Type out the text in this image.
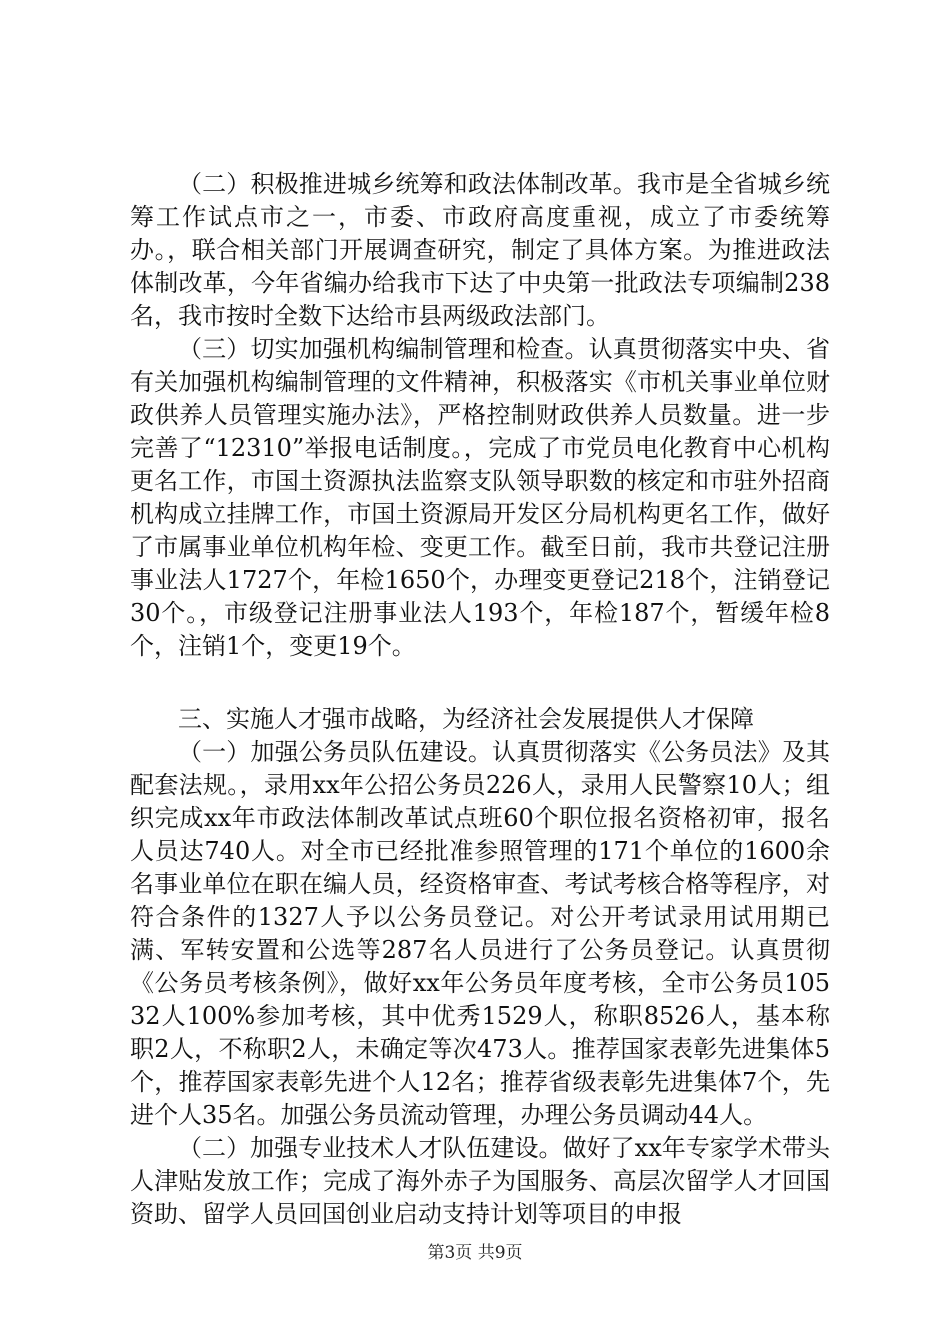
（二）积极推进城乡统筹和政法体制改革。我市是全省城乡统筹工作试点市之一，市委、市政府高度重视，成立了市委统筹办。，联合相关部门开展调查研究，制定了具体方案。为推进政法体制改革，今年省编办给我市下达了中央第一批政法专项编制238名，我市按时全数下达给市县两级政法部门。

（三）切实加强机构编制管理和检查。认真贯彻落实中央、省有关加强机构编制管理的文件精神，积极落实《市机关事业单位财政供养人员管理实施办法》，严格控制财政供养人员数量。进一步完善了“12310”举报电话制度。，完成了市党员电化教育中心机构更名工作，市国土资源执法监察支队领导职数的核定和市驻外招商机构成立挂牌工作，市国土资源局开发区分局机构更名工作，做好了市属事业单位机构年检、变更工作。截至日前，我市共登记注册事业法人1727个，年检1650个，办理变更登记218个，注销登记30个。，市级登记注册事业法人193个，年检187个，暂缓年检8个，注销1个，变更19个。

三、实施人才强市战略，为经济社会发展提供人才保障

（一）加强公务员队伍建设。认真贯彻落实《公务员法》及其配套法规。，录用xx年公招公务员226人，录用人民警察10人；组织完成xx年市政法体制改革试点班60个职位报名资格初审，报名人员达740人。对全市已经批准参照管理的171个单位的1600余名事业单位在职在编人员，经资格审查、考试考核合格等程序，对符合条件的1327人予以公务员登记。对公开考试录用试用期已满、军转安置和公选等287名人员进行了公务员登记。认真贯彻《公务员考核条例》，做好xx年公务员年度考核，全市公务员10532人100%参加考核，其中优秀1529人，称职8526人，基本称职2人，不称职2人，未确定等次473人。推荐国家表彰先进集体5个，推荐国家表彰先进个人12名；推荐省级表彰先进集体7个，先进个人35名。加强公务员流动管理，办理公务员调动44人。

（二）加强专业技术人才队伍建设。做好了xx年专家学术带头人津贴发放工作；完成了海外赤子为国服务、高层次留学人才回国资助、留学人员回国创业启动支持计划等项目的申报

第3页 共9页
